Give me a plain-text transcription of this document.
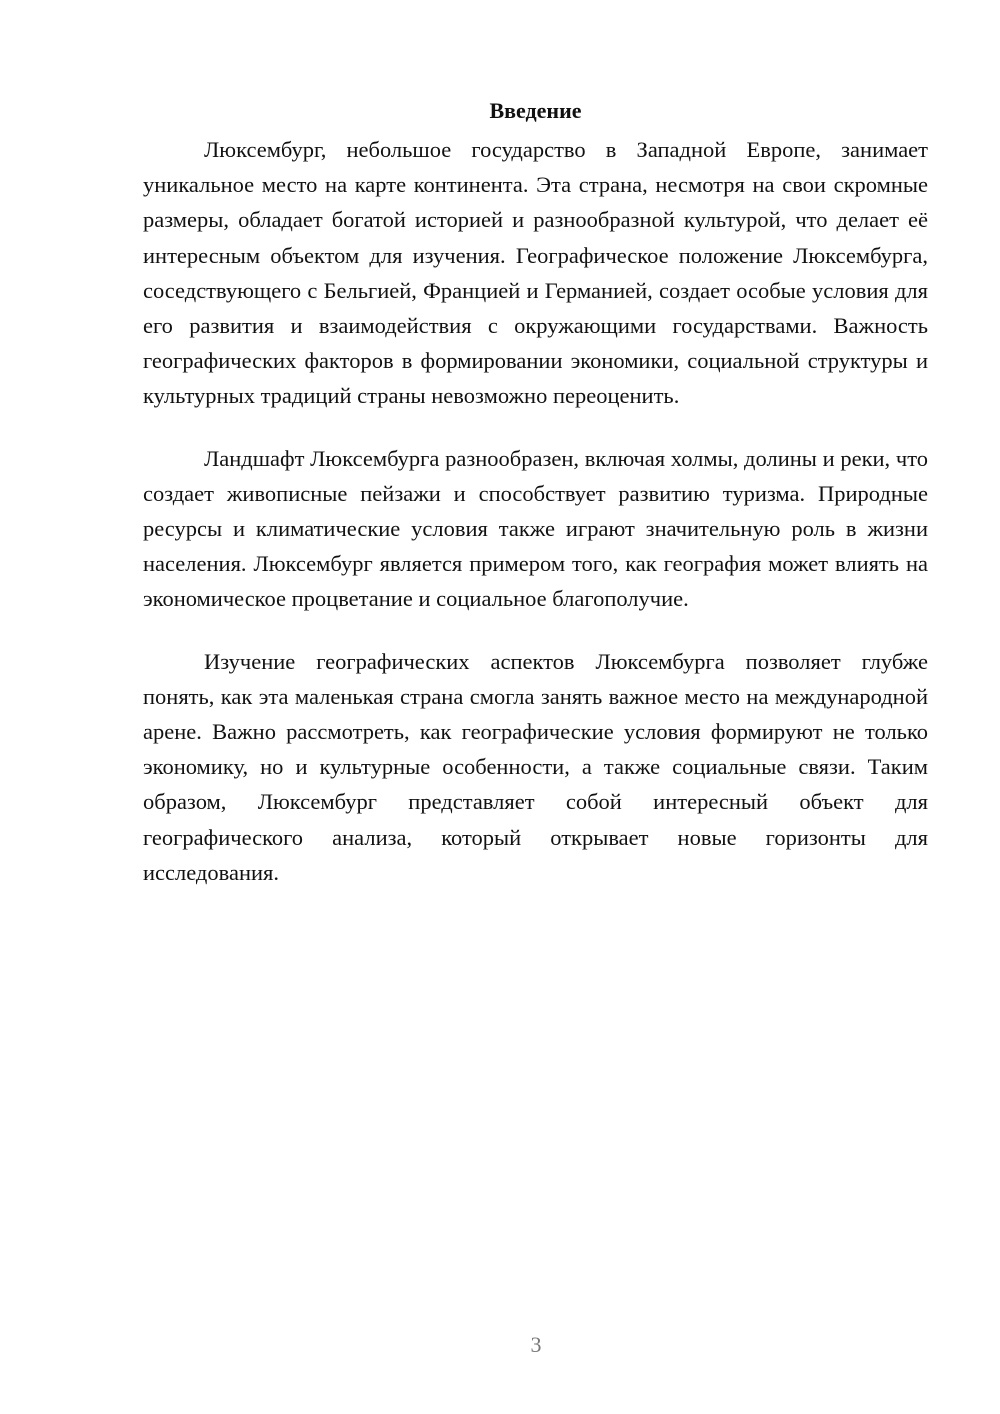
Введение

Люксембург, небольшое государство в Западной Европе, занимает уникальное место на карте континента. Эта страна, несмотря на свои скромные размеры, обладает богатой историей и разнообразной культурой, что делает её интересным объектом для изучения. Географическое положение Люксембурга, соседствующего с Бельгией, Францией и Германией, создает особые условия для его развития и взаимодействия с окружающими государствами. Важность географических факторов в формировании экономики, социальной структуры и культурных традиций страны невозможно переоценить.

Ландшафт Люксембурга разнообразен, включая холмы, долины и реки, что создает живописные пейзажи и способствует развитию туризма. Природные ресурсы и климатические условия также играют значительную роль в жизни населения. Люксембург является примером того, как география может влиять на экономическое процветание и социальное благополучие.

Изучение географических аспектов Люксембурга позволяет глубже понять, как эта маленькая страна смогла занять важное место на международной арене. Важно рассмотреть, как географические условия формируют не только экономику, но и культурные особенности, а также социальные связи. Таким образом, Люксембург представляет собой интересный объект для географического анализа, который открывает новые горизонты для исследования.

3
